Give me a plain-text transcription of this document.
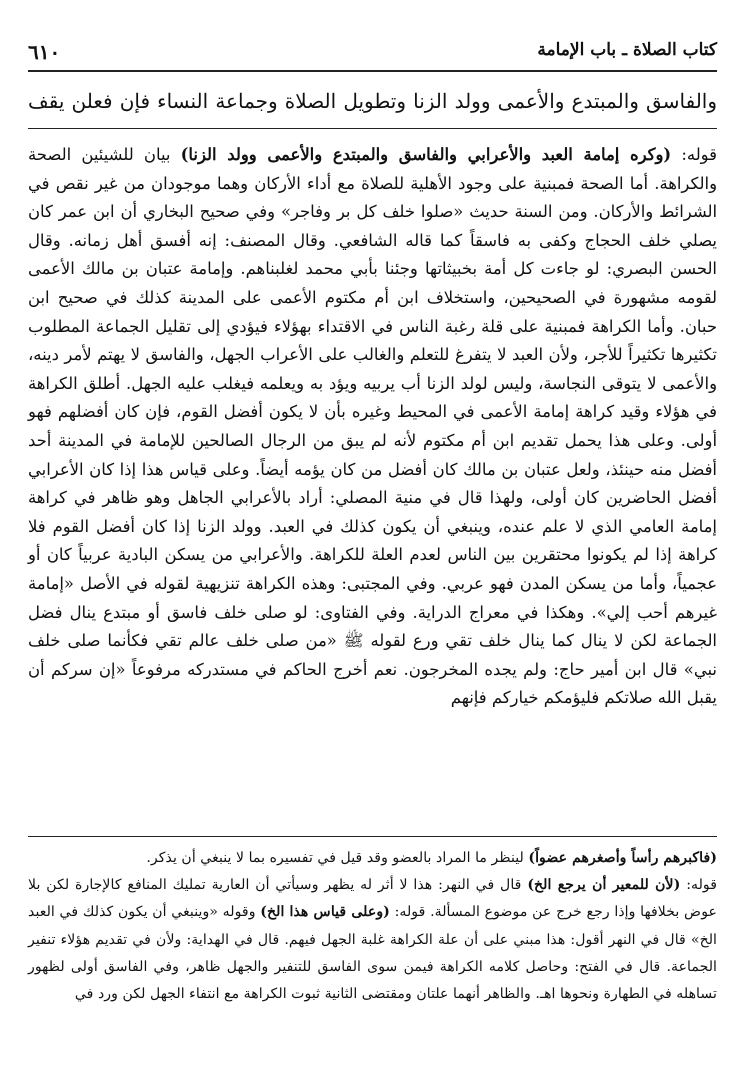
كتاب الصلاة ـ باب الإمامة
٦١٠
والفاسق والمبتدع والأعمى وولد الزنا وتطويل الصلاة وجماعة النساء فإن فعلن يقف

قوله: (وكره إمامة العبد والأعرابي والفاسق والمبتدع والأعمى وولد الزنا) بيان للشيئين الصحة والكراهة. أما الصحة فمبنية على وجود الأهلية للصلاة مع أداء الأركان وهما موجودان من غير نقص في الشرائط والأركان. ومن السنة حديث «صلوا خلف كل بر وفاجر» وفي صحيح البخاري أن ابن عمر كان يصلي خلف الحجاج وكفى به فاسقاً كما قاله الشافعي. وقال المصنف: إنه أفسق أهل زمانه. وقال الحسن البصري: لو جاءت كل أمة بخبيثاتها وجئنا بأبي محمد لغلبناهم. وإمامة عتبان بن مالك الأعمى لقومه مشهورة في الصحيحين، واستخلاف ابن أم مكتوم الأعمى على المدينة كذلك في صحيح ابن حبان. وأما الكراهة فمبنية على قلة رغبة الناس في الاقتداء بهؤلاء فيؤدي إلى تقليل الجماعة المطلوب تكثيرها تكثيراً للأجر، ولأن العبد لا يتفرغ للتعلم والغالب على الأعراب الجهل، والفاسق لا يهتم لأمر دينه، والأعمى لا يتوقى النجاسة، وليس لولد الزنا أب يربيه ويؤد به ويعلمه فيغلب عليه الجهل. أطلق الكراهة في هؤلاء وقيد كراهة إمامة الأعمى في المحيط وغيره بأن لا يكون أفضل القوم، فإن كان أفضلهم فهو أولى. وعلى هذا يحمل تقديم ابن أم مكتوم لأنه لم يبق من الرجال الصالحين للإمامة في المدينة أحد أفضل منه حينئذ، ولعل عتبان بن مالك كان أفضل من كان يؤمه أيضاً. وعلى قياس هذا إذا كان الأعرابي أفضل الحاضرين كان أولى، ولهذا قال في منية المصلي: أراد بالأعرابي الجاهل وهو ظاهر في كراهة إمامة العامي الذي لا علم عنده، وينبغي أن يكون كذلك في العبد. وولد الزنا إذا كان أفضل القوم فلا كراهة إذا لم يكونوا محتقرين بين الناس لعدم العلة للكراهة. والأعرابي من يسكن البادية عربياً كان أو عجمياً، وأما من يسكن المدن فهو عربي. وفي المجتبى: وهذه الكراهة تنزيهية لقوله في الأصل «إمامة غيرهم أحب إلي». وهكذا في معراج الدراية. وفي الفتاوى: لو صلى خلف فاسق أو مبتدع ينال فضل الجماعة لكن لا ينال كما ينال خلف تقي ورع لقوله ﷺ «من صلى خلف عالم تقي فكأنما صلى خلف نبي» قال ابن أمير حاج: ولم يجده المخرجون. نعم أخرج الحاكم في مستدركه مرفوعاً «إن سركم أن يقبل الله صلاتكم فليؤمكم خياركم فإنهم

(فاكبرهم رأساً وأصغرهم عضواً) لينظر ما المراد بالعضو وقد قيل في تفسيره بما لا ينبغي أن يذكر.

قوله: (لأن للمعير أن يرجع الخ) قال في النهر: هذا لا أثر له يظهر وسيأتي أن العارية تمليك المنافع كالإجارة لكن بلا عوض بخلافها وإذا رجع خرج عن موضوع المسألة. قوله: (وعلى قياس هذا الخ) وقوله «وينبغي أن يكون كذلك في العبد الخ» قال في النهر أقول: هذا مبني على أن علة الكراهة غلبة الجهل فيهم. قال في الهداية: ولأن في تقديم هؤلاء تنفير الجماعة. قال في الفتح: وحاصل كلامه الكراهة فيمن سوى الفاسق للتنفير والجهل ظاهر، وفي الفاسق أولى لظهور تساهله في الطهارة ونحوها اهـ. والظاهر أنهما علتان ومقتضى الثانية ثبوت الكراهة مع انتفاء الجهل لكن ورد في
